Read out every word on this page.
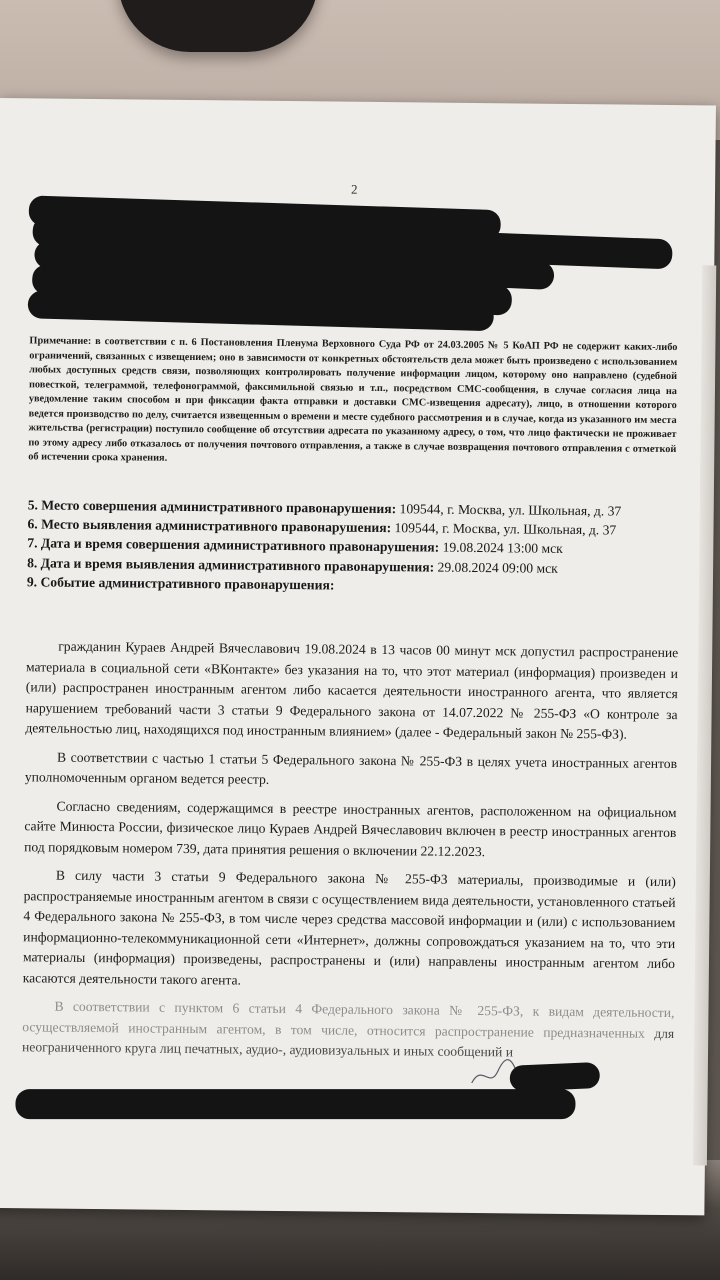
2
Примечание: в соответствии с п. 6 Постановления Пленума Верховного Суда РФ от 24.03.2005 № 5 КоАП РФ не содержит каких-либо ограничений, связанных с извещением; оно в зависимости от конкретных обстоятельств дела может быть произведено с использованием любых доступных средств связи, позволяющих контролировать получение информации лицом, которому оно направлено (судебной повесткой, телеграммой, телефонограммой, факсимильной связью и т.п., посредством СМС-сообщения, в случае согласия лица на уведомление таким способом и при фиксации факта отправки и доставки СМС-извещения адресату), лицо, в отношении которого ведется производство по делу, считается извещенным о времени и месте судебного рассмотрения и в случае, когда из указанного им места жительства (регистрации) поступило сообщение об отсутствии адресата по указанному адресу, о том, что лицо фактически не проживает по этому адресу либо отказалось от получения почтового отправления, а также в случае возвращения почтового отправления с отметкой об истечении срока хранения.

5. Место совершения административного правонарушения: 109544, г. Москва, ул. Школьная, д. 37

6. Место выявления административного правонарушения: 109544, г. Москва, ул. Школьная, д. 37

7. Дата и время совершения административного правонарушения: 19.08.2024 13:00 мск

8. Дата и время выявления административного правонарушения: 29.08.2024 09:00 мск

9. Событие административного правонарушения:

гражданин Кураев Андрей Вячеславович 19.08.2024 в 13 часов 00 минут мск допустил распространение материала в социальной сети «ВКонтакте» без указания на то, что этот материал (информация) произведен и (или) распространен иностранным агентом либо касается деятельности иностранного агента, что является нарушением требований части 3 статьи 9 Федерального закона от 14.07.2022 № 255-ФЗ «О контроле за деятельностью лиц, находящихся под иностранным влиянием» (далее - Федеральный закон № 255-ФЗ).

В соответствии с частью 1 статьи 5 Федерального закона № 255-ФЗ в целях учета иностранных агентов уполномоченным органом ведется реестр.

Согласно сведениям, содержащимся в реестре иностранных агентов, расположенном на официальном сайте Минюста России, физическое лицо Кураев Андрей Вячеславович включен в реестр иностранных агентов под порядковым номером 739, дата принятия решения о включении 22.12.2023.

В силу части 3 статьи 9 Федерального закона № 255-ФЗ материалы, производимые и (или) распространяемые иностранным агентом в связи с осуществлением вида деятельности, установленного статьей 4 Федерального закона № 255-ФЗ, в том числе через средства массовой информации и (или) с использованием информационно-телекоммуникационной сети «Интернет», должны сопровождаться указанием на то, что эти материалы (информация) произведены, распространены и (или) направлены иностранным агентом либо касаются деятельности такого агента.

В соответствии с пунктом 6 статьи 4 Федерального закона № 255-ФЗ, к видам деятельности, осуществляемой иностранным агентом, в том числе, относится распространение предназначенных для неограниченного круга лиц печатных, аудио-, аудиовизуальных и иных сообщений и
